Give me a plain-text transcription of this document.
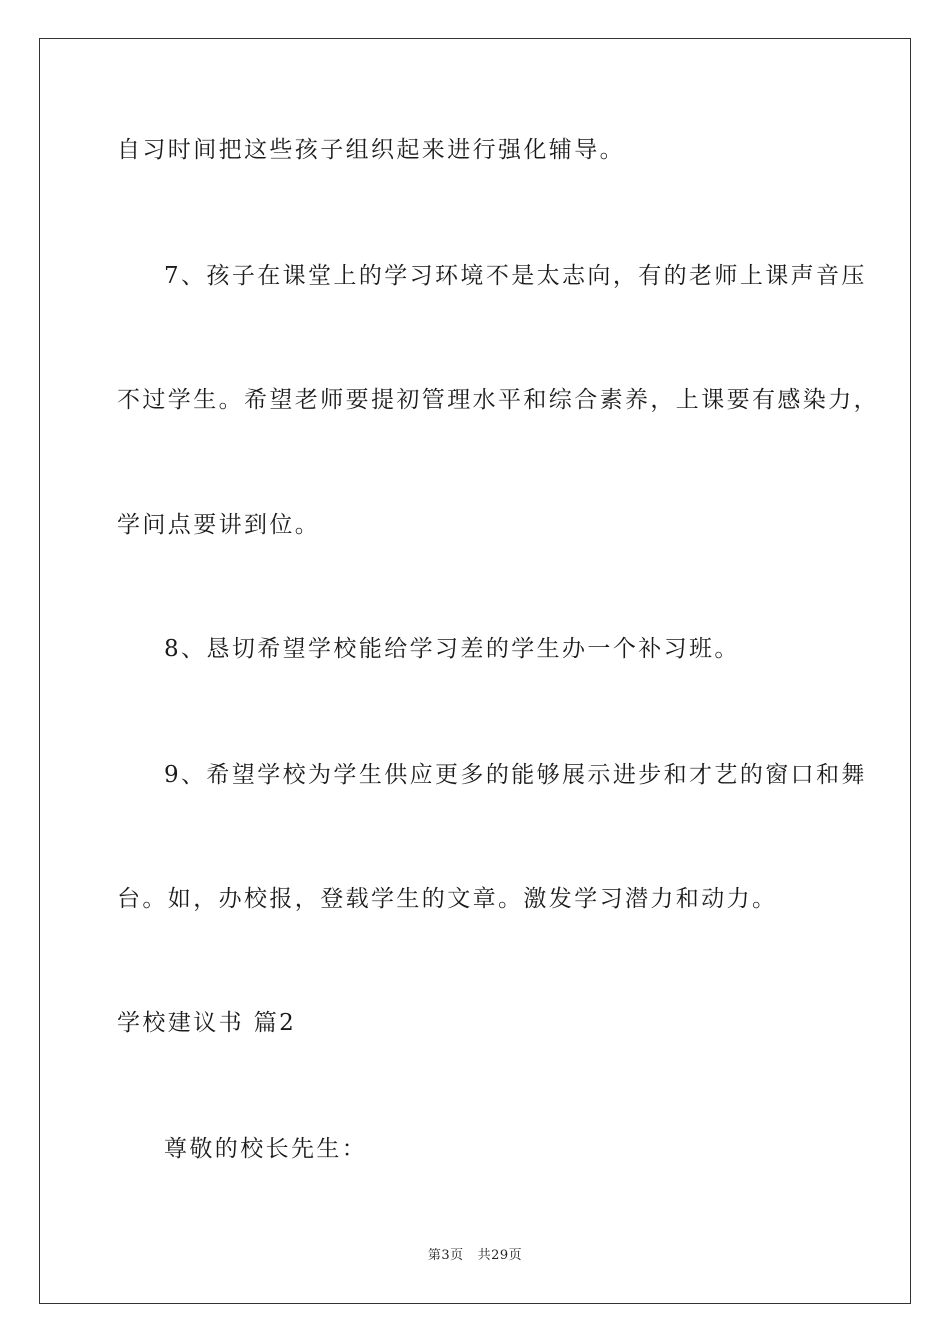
自习时间把这些孩子组织起来进行强化辅导。
7、孩子在课堂上的学习环境不是太志向，有的老师上课声音压
不过学生。希望老师要提初管理水平和综合素养，上课要有感染力，
学问点要讲到位。
8、恳切希望学校能给学习差的学生办一个补习班。
9、希望学校为学生供应更多的能够展示进步和才艺的窗口和舞
台。如，办校报，登载学生的文章。激发学习潜力和动力。
学校建议书 篇2
尊敬的校长先生：
第3页 共29页
